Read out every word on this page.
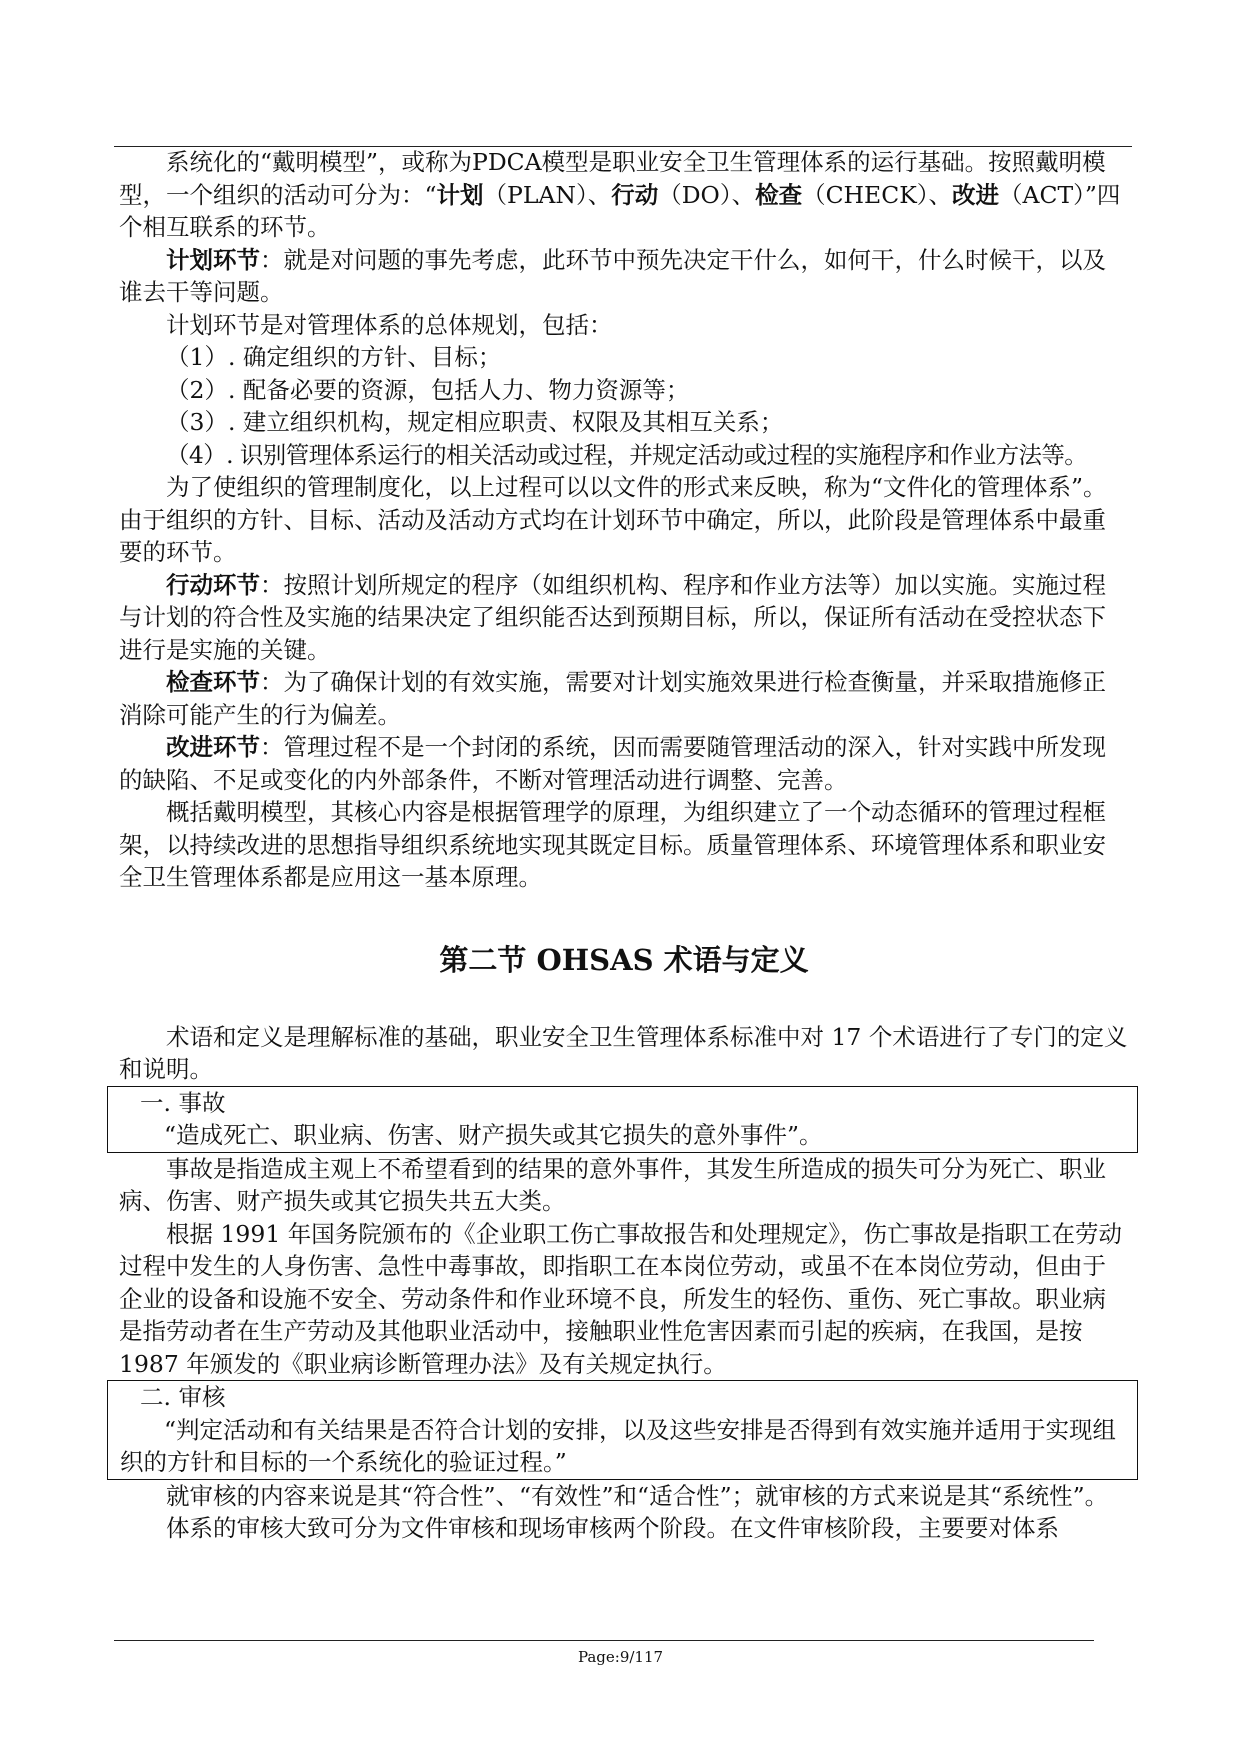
系统化的“戴明模型”，或称为PDCA模型是职业安全卫生管理体系的运行基础。按照戴明模型，一个组织的活动可分为：“计划（PLAN）、行动（DO）、检查（CHECK）、改进（ACT）”四个相互联系的环节。

计划环节：就是对问题的事先考虑，此环节中预先决定干什么，如何干，什么时候干，以及谁去干等问题。

计划环节是对管理体系的总体规划，包括：

（1）. 确定组织的方针、目标；

（2）. 配备必要的资源，包括人力、物力资源等；

（3）. 建立组织机构，规定相应职责、权限及其相互关系；

（4）. 识别管理体系运行的相关活动或过程，并规定活动或过程的实施程序和作业方法等。

为了使组织的管理制度化，以上过程可以以文件的形式来反映，称为“文件化的管理体系”。由于组织的方针、目标、活动及活动方式均在计划环节中确定，所以，此阶段是管理体系中最重要的环节。

行动环节：按照计划所规定的程序（如组织机构、程序和作业方法等）加以实施。实施过程与计划的符合性及实施的结果决定了组织能否达到预期目标，所以，保证所有活动在受控状态下进行是实施的关键。

检查环节：为了确保计划的有效实施，需要对计划实施效果进行检查衡量，并采取措施修正消除可能产生的行为偏差。

改进环节：管理过程不是一个封闭的系统，因而需要随管理活动的深入，针对实践中所发现的缺陷、不足或变化的内外部条件，不断对管理活动进行调整、完善。

概括戴明模型，其核心内容是根据管理学的原理，为组织建立了一个动态循环的管理过程框架，以持续改进的思想指导组织系统地实现其既定目标。质量管理体系、环境管理体系和职业安全卫生管理体系都是应用这一基本原理。

第二节 OHSAS 术语与定义

术语和定义是理解标准的基础，职业安全卫生管理体系标准中对 17 个术语进行了专门的定义和说明。

一. 事故

“造成死亡、职业病、伤害、财产损失或其它损失的意外事件”。

事故是指造成主观上不希望看到的结果的意外事件，其发生所造成的损失可分为死亡、职业病、伤害、财产损失或其它损失共五大类。

根据 1991 年国务院颁布的《企业职工伤亡事故报告和处理规定》，伤亡事故是指职工在劳动过程中发生的人身伤害、急性中毒事故，即指职工在本岗位劳动，或虽不在本岗位劳动，但由于企业的设备和设施不安全、劳动条件和作业环境不良，所发生的轻伤、重伤、死亡事故。职业病是指劳动者在生产劳动及其他职业活动中，接触职业性危害因素而引起的疾病，在我国，是按 1987 年颁发的《职业病诊断管理办法》及有关规定执行。

二. 审核

“判定活动和有关结果是否符合计划的安排，以及这些安排是否得到有效实施并适用于实现组织的方针和目标的一个系统化的验证过程。”

就审核的内容来说是其“符合性”、“有效性”和“适合性”；就审核的方式来说是其“系统性”。

体系的审核大致可分为文件审核和现场审核两个阶段。在文件审核阶段，主要要对体系

Page:9/117
